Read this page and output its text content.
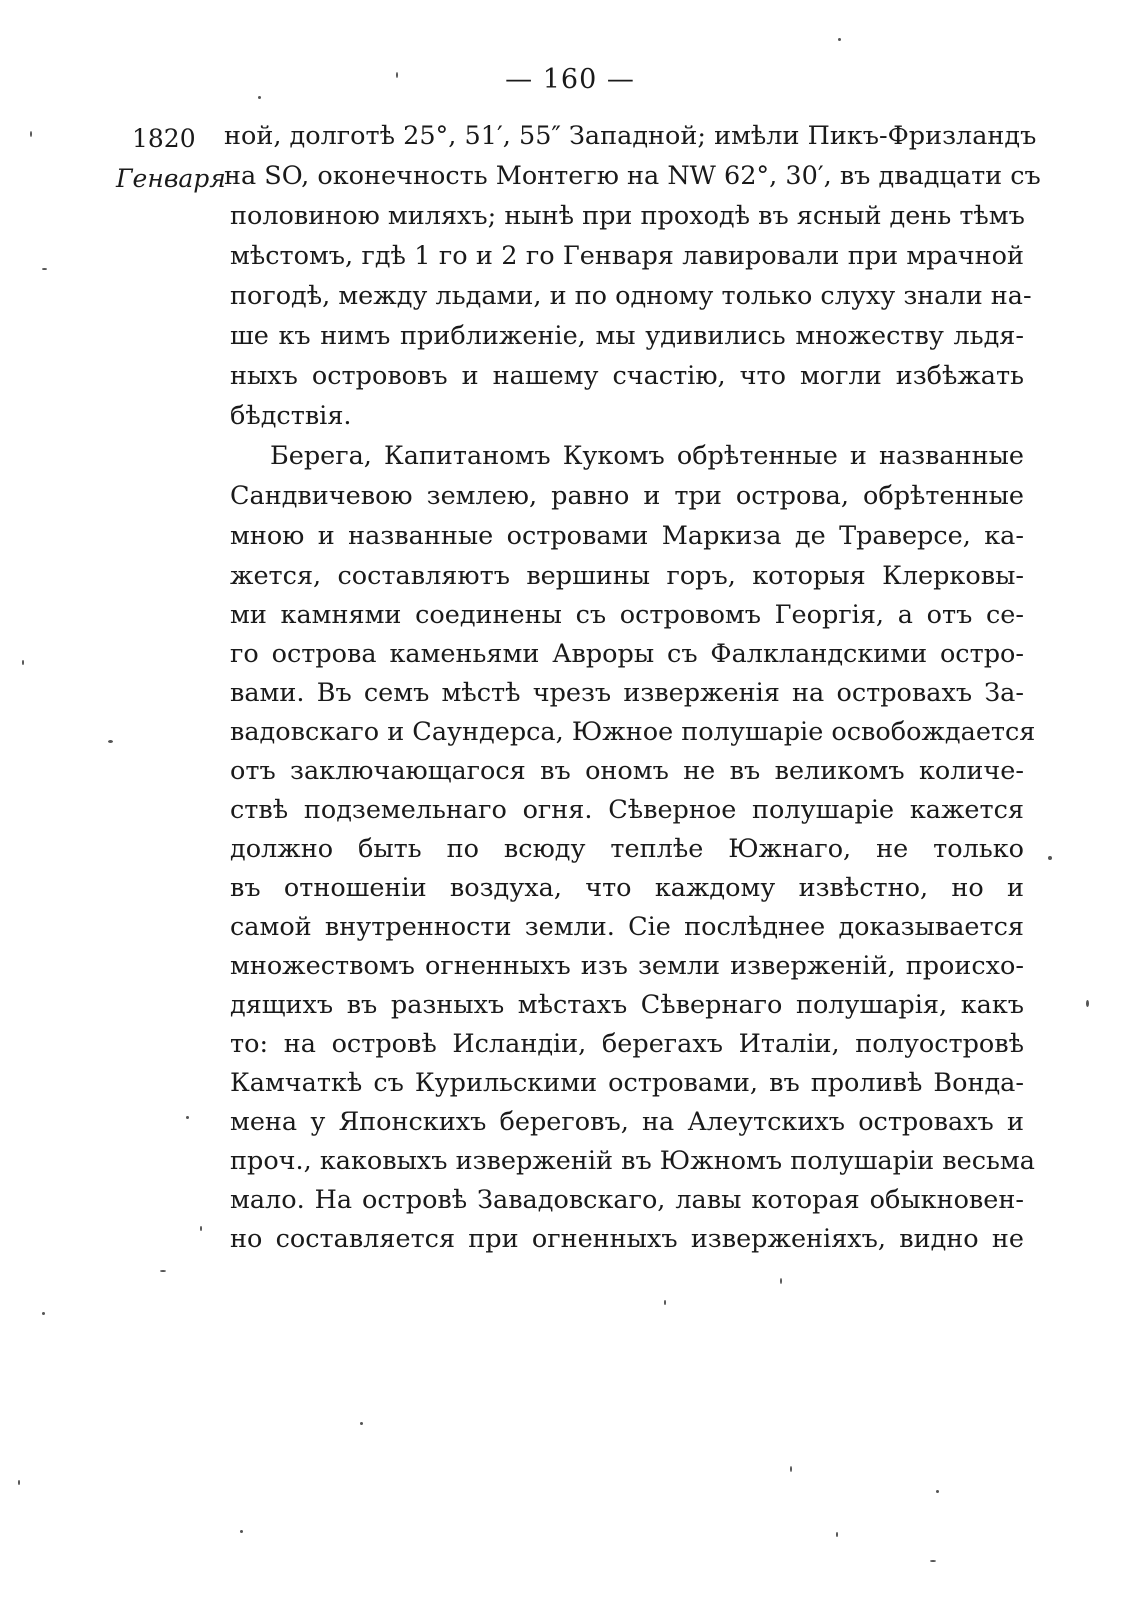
— 160 —
1820
Генваря
ной, долготѣ 25°, 51′, 55″ Западной; имѣли Пикъ-Фризландъ
на SO, оконечность Монтегю на NW 62°, 30′, въ двадцати съ
половиною миляхъ; нынѣ при проходѣ въ ясный день тѣмъ
мѣстомъ, гдѣ 1 го и 2 го Генваря лавировали при мрачной
погодѣ, между льдами, и по одному только слуху знали на-
ше къ нимъ приближеніе, мы удивились множеству льдя-
ныхъ островoвъ и нашему счастію, что могли избѣжать
бѣдствія.
Берега, Капитаномъ Кукомъ обрѣтенные и названные
Сандвичевою землею, равно и три острова, обрѣтенные
мною и названные островами Маркиза де Траверсе, ка-
жется, составляютъ вершины горъ, которыя Клерковы-
ми камнями соединены съ островомъ Георгія, а отъ се-
го острова каменьями Авроры съ Фалкландскими остро-
вами. Въ семъ мѣстѣ чрезъ изверженія на островахъ За-
вадовскаго и Саундерса, Южное полушаріе освобождается
отъ заключающагося въ ономъ не въ великомъ количе-
ствѣ подземельнаго огня. Сѣверное полушаріе кажется
должно быть по всюду теплѣе Южнаго, не только
въ отношеніи воздуха, что каждому извѣстно, но и
самой внутренности земли. Сіе послѣднее доказывается
множествомъ огненныхъ изъ земли изверженій, происхо-
дящихъ въ разныхъ мѣстахъ Сѣвернаго полушарія, какъ
то: на островѣ Исландіи, берегахъ Италіи, полуостровѣ
Камчаткѣ съ Курильскими островами, въ проливѣ Вондa-
мена у Японскихъ береговъ, на Алеутскихъ островахъ и
проч., каковыхъ изверженій въ Южномъ полушаріи весьма
мало. На островѣ Завадовскаго, лавы которая обыкновен-
но составляется при огненныхъ изверженіяхъ, видно не
